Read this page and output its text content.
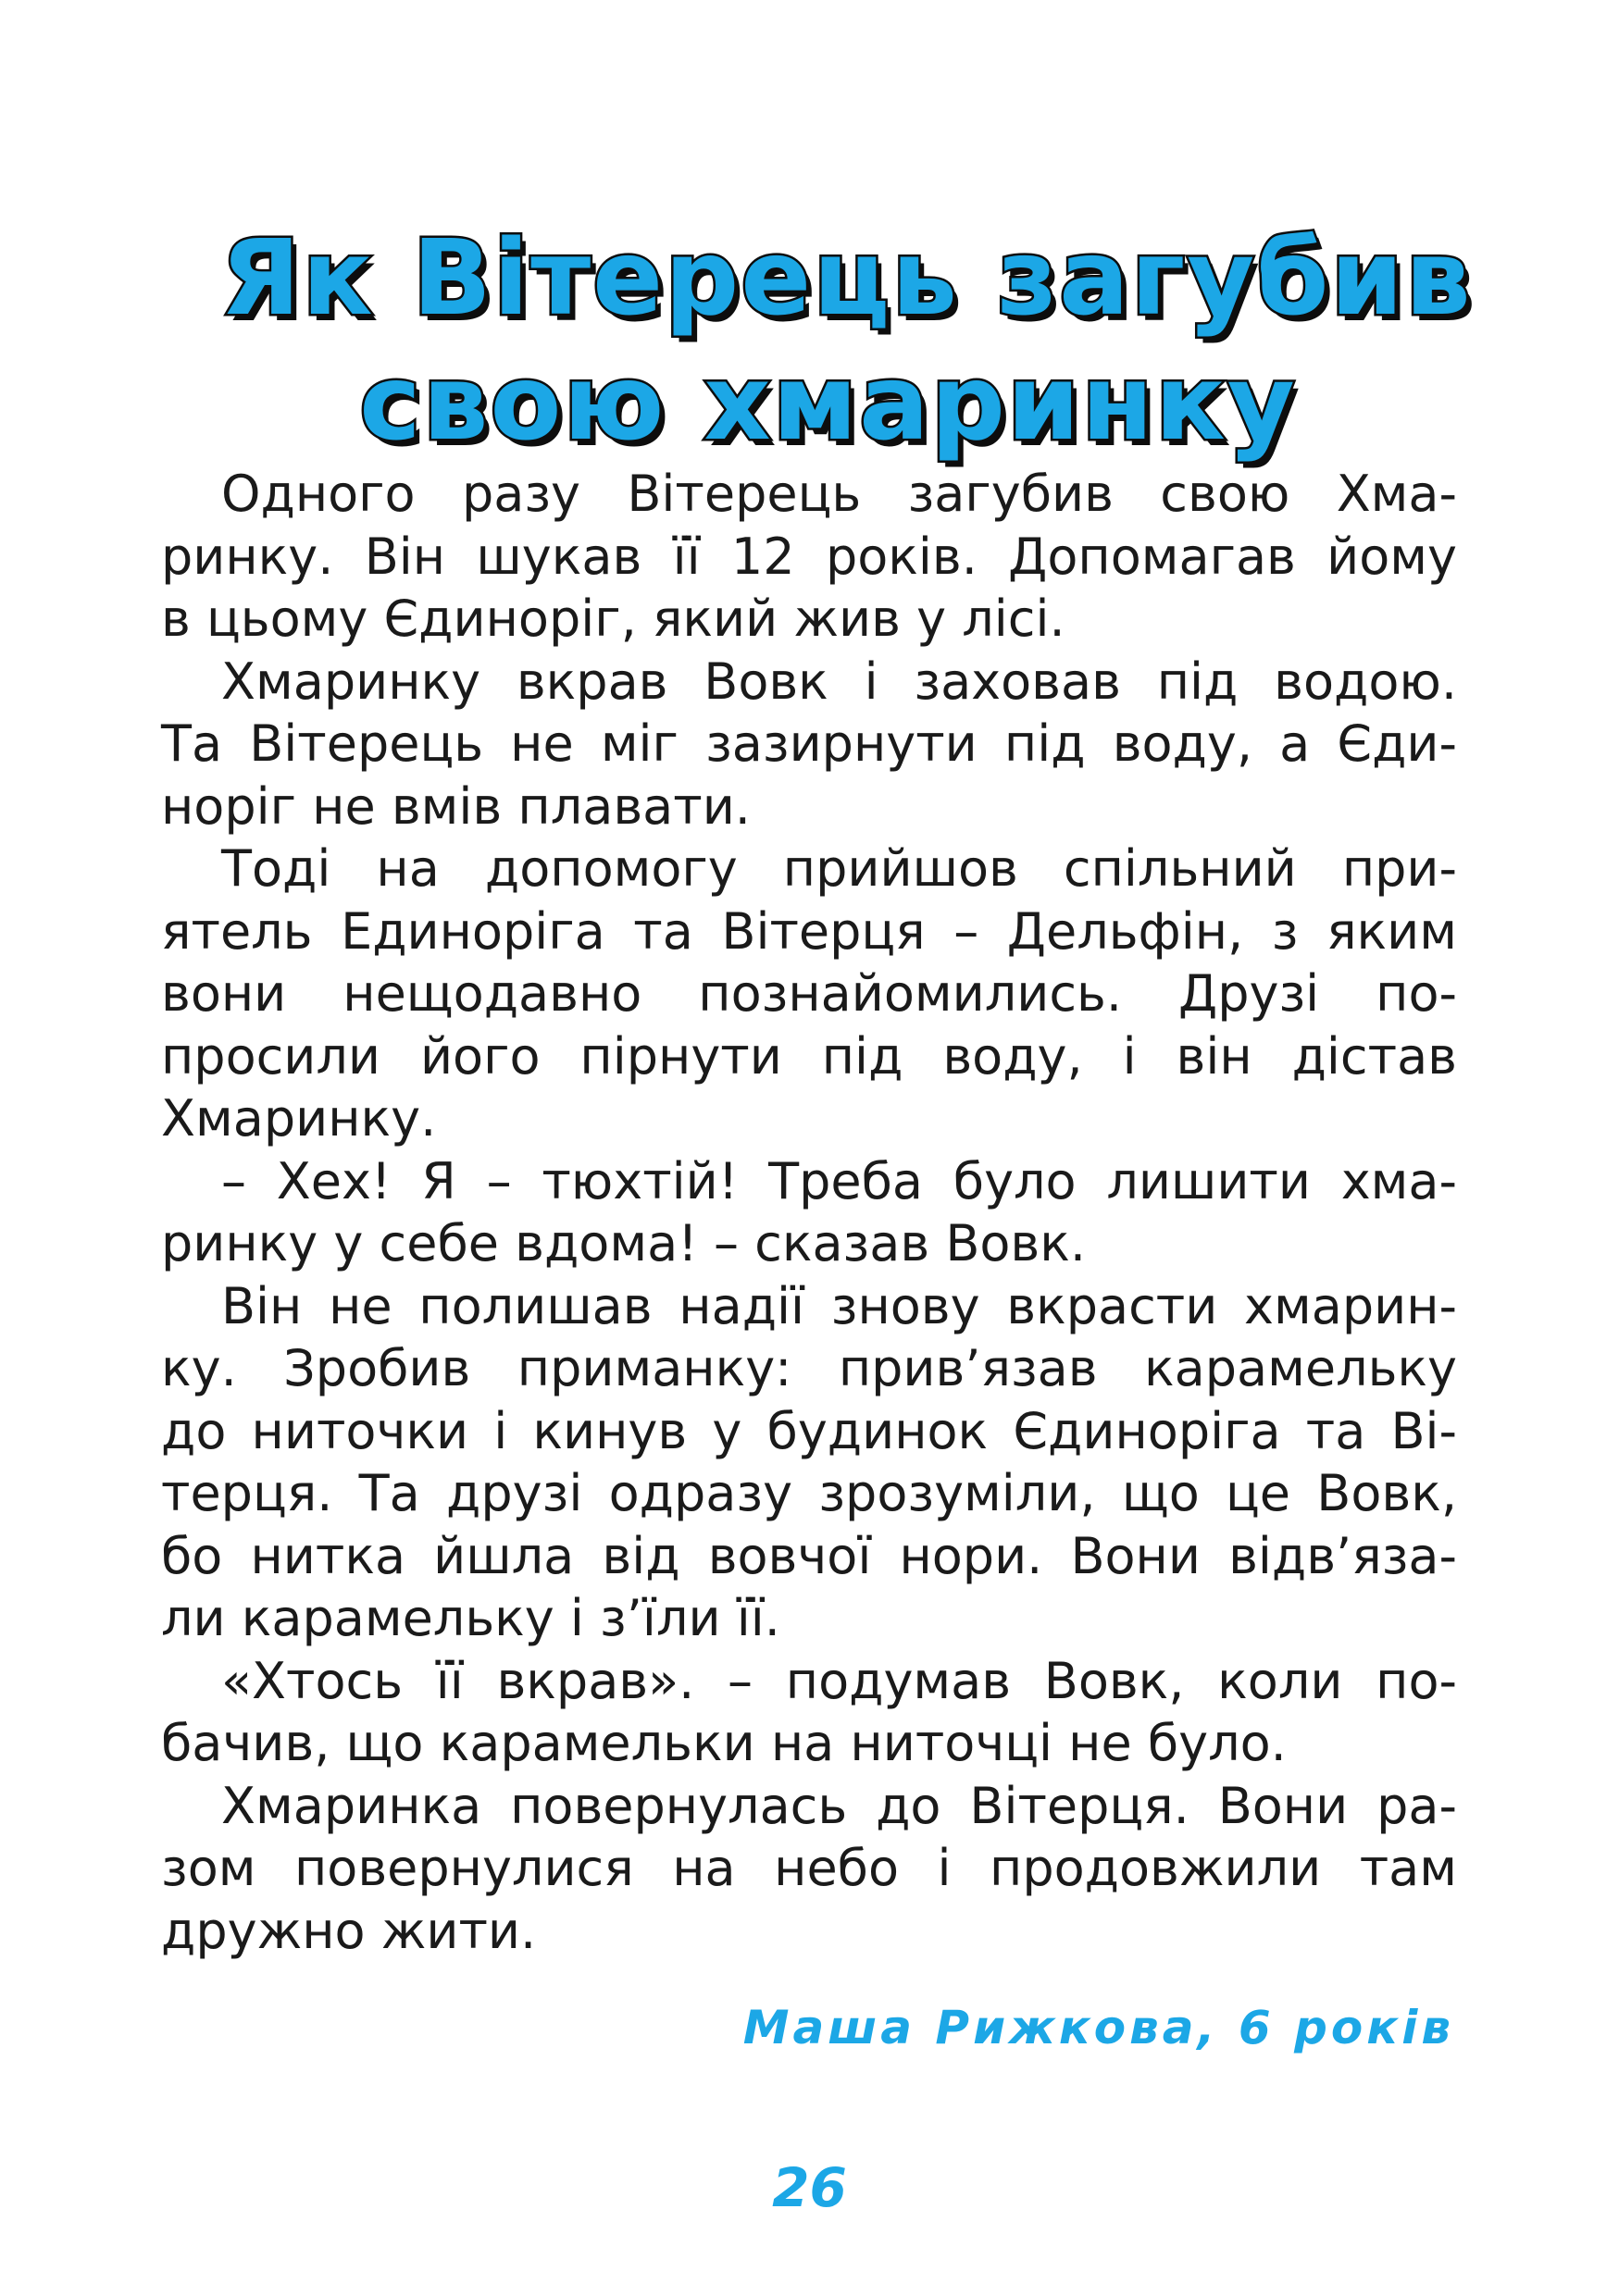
Як Вітерець загубив
свою хмаринку
Одного разу Вітерець загубив свою Хма-
ринку. Він шукав її 12 років. Допомагав йому
в цьому Єдиноріг, який жив у лісі.
Хмаринку вкрав Вовк і заховав під водою.
Та Вітерець не міг зазирнути під воду, а Єди-
норіг не вмів плавати.
Тоді на допомогу прийшов спільний при-
ятель Единоріга та Вітерця – Дельфін, з яким
вони нещодавно познайомились. Друзі по-
просили його пірнути під воду, і він дістав
Хмаринку.
– Хех! Я – тюхтій! Треба було лишити хма-
ринку у себе вдома! – сказав Вовк.
Він не полишав надії знову вкрасти хмарин-
ку. Зробив приманку: прив’язав карамельку
до ниточки і кинув у будинок Єдиноріга та Ві-
терця. Та друзі одразу зрозуміли, що це Вовк,
бо нитка йшла від вовчої нори. Вони відв’яза-
ли карамельку і з’їли її.
«Хтось її вкрав». – подумав Вовк, коли по-
бачив, що карамельки на ниточці не було.
Хмаринка повернулась до Вітерця. Вони ра-
зом повернулися на небо і продовжили там
дружно жити.
Маша Рижкова, 6 років
26
